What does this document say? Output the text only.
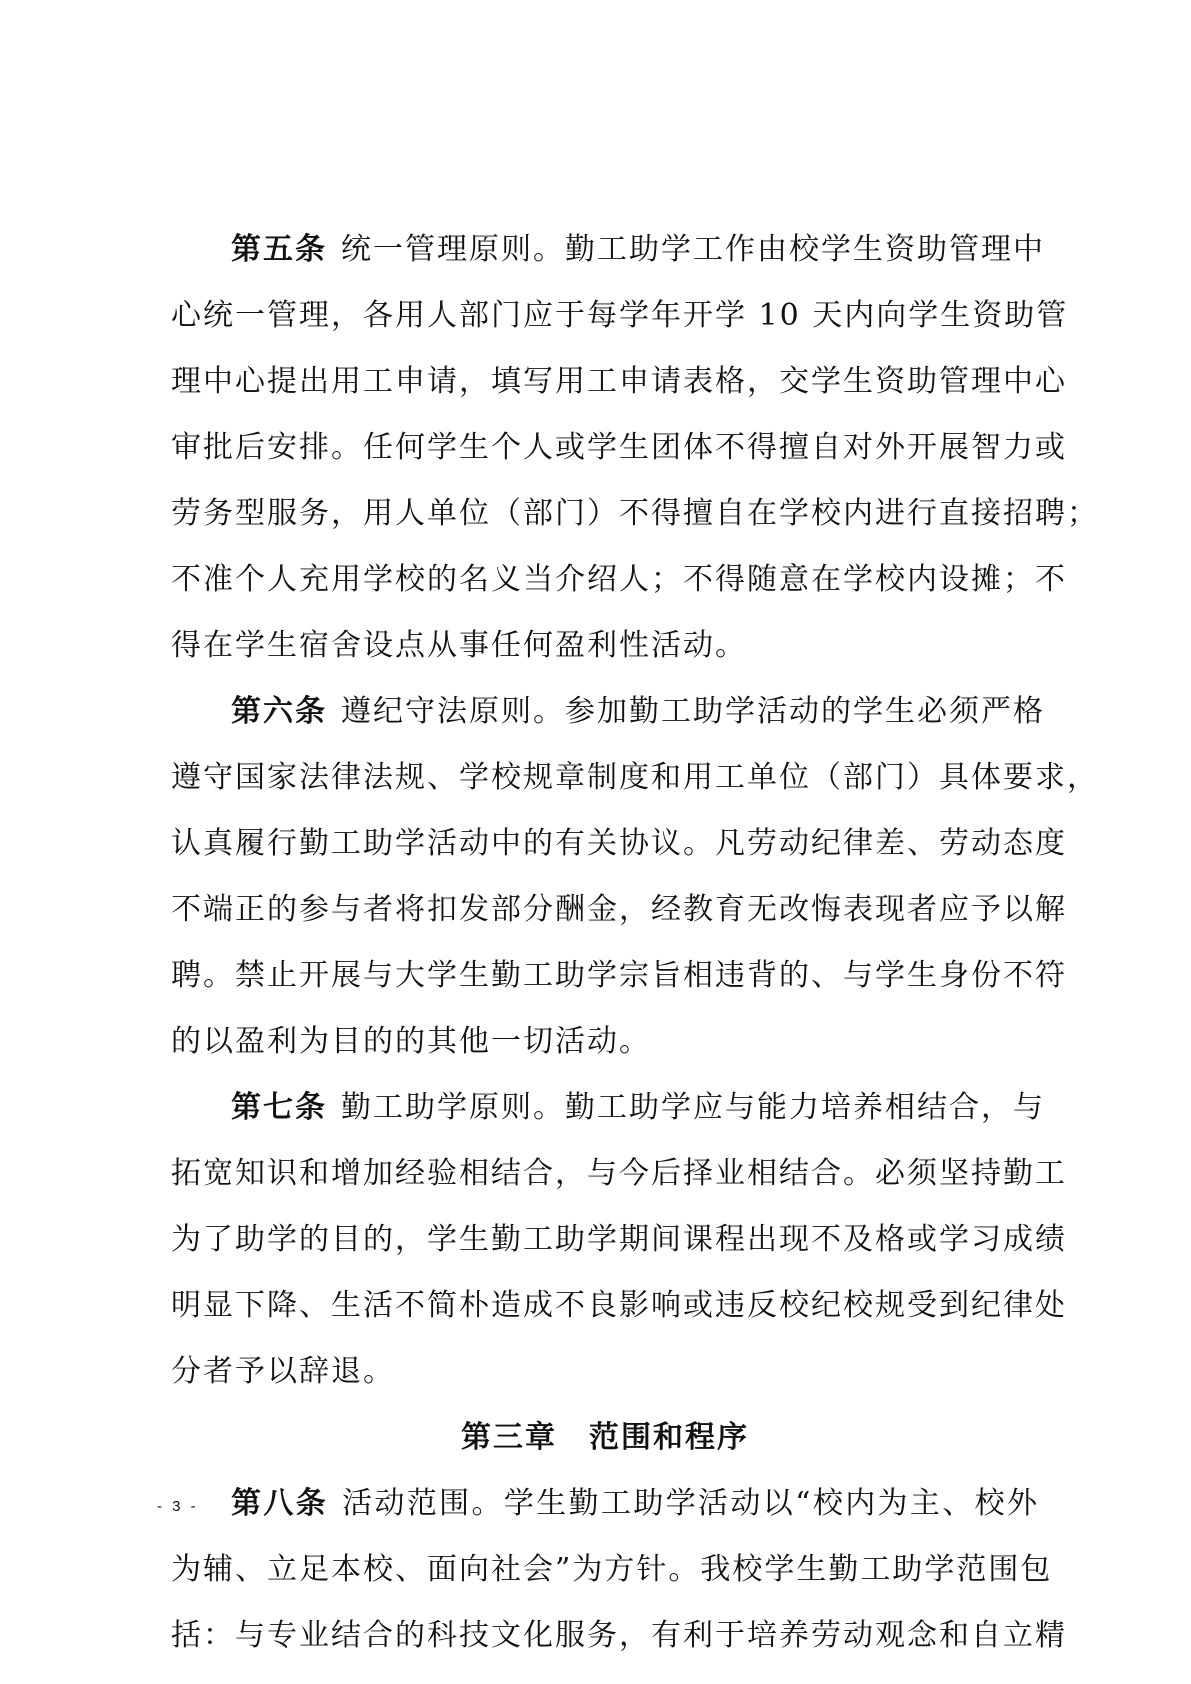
第五条 统一管理原则。勤工助学工作由校学生资助管理中
心统一管理，各用人部门应于每学年开学 10 天内向学生资助管
理中心提出用工申请，填写用工申请表格，交学生资助管理中心
审批后安排。任何学生个人或学生团体不得擅自对外开展智力或
劳务型服务，用人单位（部门）不得擅自在学校内进行直接招聘；
不准个人充用学校的名义当介绍人；不得随意在学校内设摊；不
得在学生宿舍设点从事任何盈利性活动。
第六条 遵纪守法原则。参加勤工助学活动的学生必须严格
遵守国家法律法规、学校规章制度和用工单位（部门）具体要求，
认真履行勤工助学活动中的有关协议。凡劳动纪律差、劳动态度
不端正的参与者将扣发部分酬金，经教育无改悔表现者应予以解
聘。禁止开展与大学生勤工助学宗旨相违背的、与学生身份不符
的以盈利为目的的其他一切活动。
第七条 勤工助学原则。勤工助学应与能力培养相结合，与
拓宽知识和增加经验相结合，与今后择业相结合。必须坚持勤工
为了助学的目的，学生勤工助学期间课程出现不及格或学习成绩
明显下降、生活不简朴造成不良影响或违反校纪校规受到纪律处
分者予以辞退。
第三章　范围和程序
第八条 活动范围。学生勤工助学活动以“校内为主、校外
为辅、立足本校、面向社会”为方针。我校学生勤工助学范围包
括：与专业结合的科技文化服务，有利于培养劳动观念和自立精
- 3 -
